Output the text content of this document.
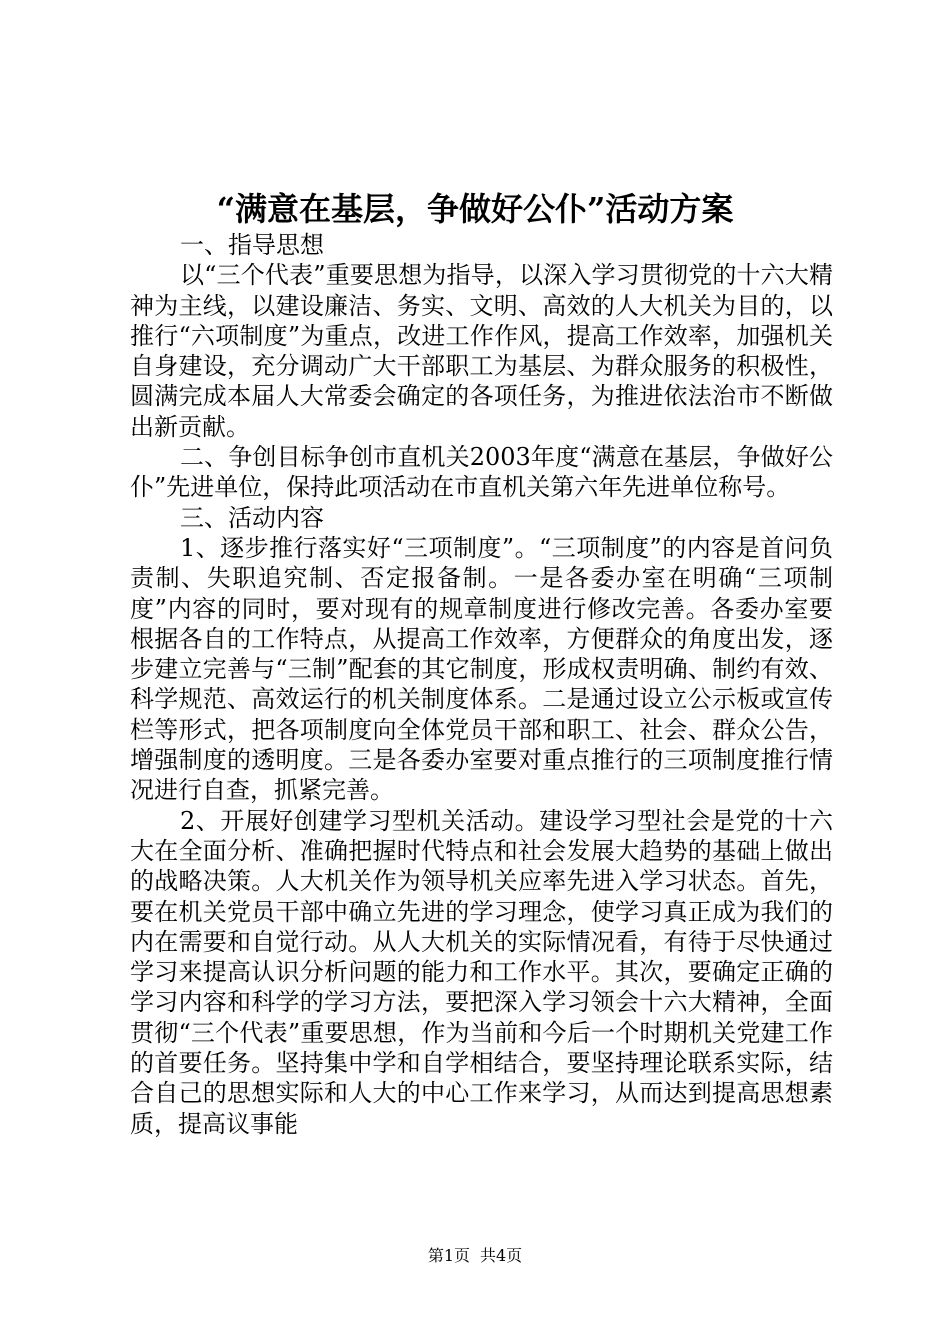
“满意在基层，争做好公仆”活动方案

一、指导思想

以“三个代表”重要思想为指导，以深入学习贯彻党的十六大精神为主线，以建设廉洁、务实、文明、高效的人大机关为目的，以推行“六项制度”为重点，改进工作作风，提高工作效率，加强机关自身建设，充分调动广大干部职工为基层、为群众服务的积极性，圆满完成本届人大常委会确定的各项任务，为推进依法治市不断做出新贡献。

二、争创目标争创市直机关2003年度“满意在基层，争做好公仆”先进单位，保持此项活动在市直机关第六年先进单位称号。

三、活动内容

1、逐步推行落实好“三项制度”。“三项制度”的内容是首问负责制、失职追究制、否定报备制。一是各委办室在明确“三项制度”内容的同时，要对现有的规章制度进行修改完善。各委办室要根据各自的工作特点，从提高工作效率，方便群众的角度出发，逐步建立完善与“三制”配套的其它制度，形成权责明确、制约有效、科学规范、高效运行的机关制度体系。二是通过设立公示板或宣传栏等形式，把各项制度向全体党员干部和职工、社会、群众公告，增强制度的透明度。三是各委办室要对重点推行的三项制度推行情况进行自查，抓紧完善。

2、开展好创建学习型机关活动。建设学习型社会是党的十六大在全面分析、准确把握时代特点和社会发展大趋势的基础上做出的战略决策。人大机关作为领导机关应率先进入学习状态。首先，要在机关党员干部中确立先进的学习理念，使学习真正成为我们的内在需要和自觉行动。从人大机关的实际情况看，有待于尽快通过学习来提高认识分析问题的能力和工作水平。其次，要确定正确的学习内容和科学的学习方法，要把深入学习领会十六大精神，全面贯彻“三个代表”重要思想，作为当前和今后一个时期机关党建工作的首要任务。坚持集中学和自学相结合，要坚持理论联系实际，结合自己的思想实际和人大的中心工作来学习，从而达到提高思想素质，提高议事能

第1页 共4页
